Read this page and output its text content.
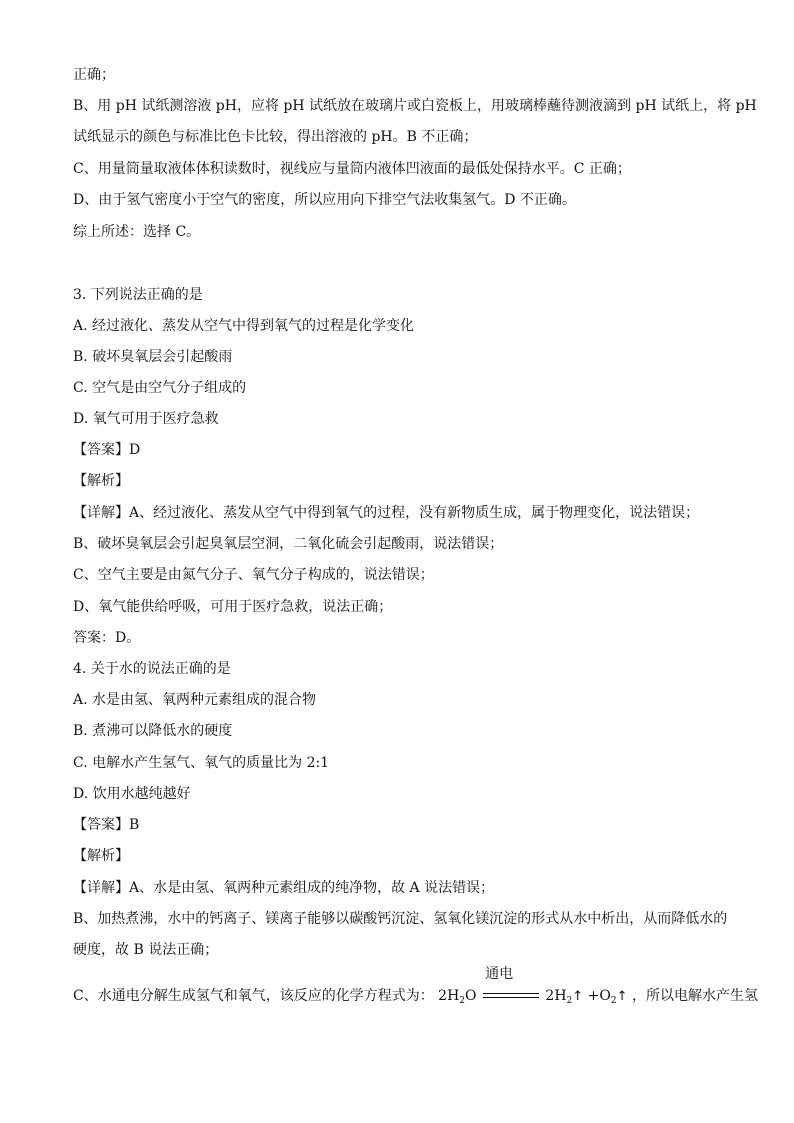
正确；
B、用 pH 试纸测溶液 pH，应将 pH 试纸放在玻璃片或白瓷板上，用玻璃棒蘸待测液滴到 pH 试纸上，将 pH
试纸显示的颜色与标准比色卡比较，得出溶液的 pH。B 不正确；
C、用量筒量取液体体积读数时，视线应与量筒内液体凹液面的最低处保持水平。C 正确；
D、由于氢气密度小于空气的密度，所以应用向下排空气法收集氢气。D 不正确。
综上所述：选择 C。
3. 下列说法正确的是
A. 经过液化、蒸发从空气中得到氧气的过程是化学变化
B. 破坏臭氧层会引起酸雨
C. 空气是由空气分子组成的
D. 氧气可用于医疗急救
【答案】D
【解析】
【详解】A、经过液化、蒸发从空气中得到氧气的过程，没有新物质生成，属于物理变化，说法错误；
B、破坏臭氧层会引起臭氧层空洞，二氧化硫会引起酸雨，说法错误；
C、空气主要是由氮气分子、氧气分子构成的，说法错误；
D、氧气能供给呼吸，可用于医疗急救，说法正确；
答案：D。
4. 关于水的说法正确的是
A. 水是由氢、氧两种元素组成的混合物
B. 煮沸可以降低水的硬度
C. 电解水产生氢气、氧气的质量比为 2:1
D. 饮用水越纯越好
【答案】B
【解析】
【详解】A、水是由氢、氧两种元素组成的纯净物，故 A 说法错误；
B、加热煮沸，水中的钙离子、镁离子能够以碳酸钙沉淀、氢氧化镁沉淀的形式从水中析出，从而降低水的
硬度，故 B 说法正确；
C、水通电分解生成氢气和氧气，该反应的化学方程式为： $2H_2O$
通电
$2H_2↑$ $+O_2↑$ ，所以电解水产生氢
